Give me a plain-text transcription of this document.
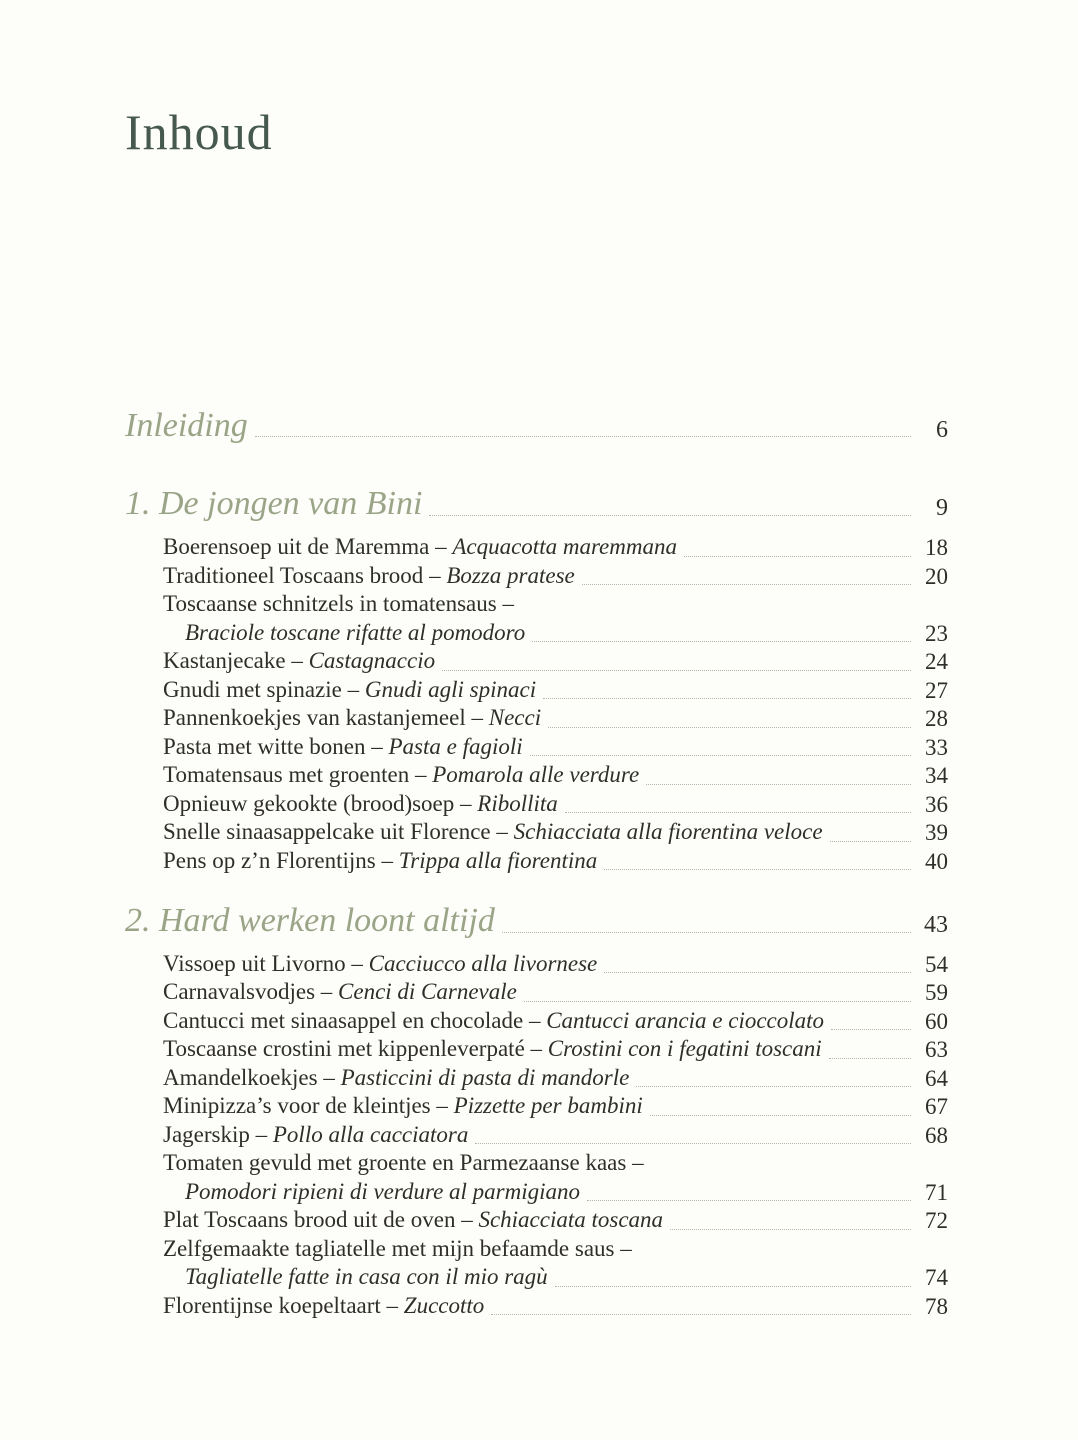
Inhoud
Inleiding	6
1. De jongen van Bini	9
Boerensoep uit de Maremma – Acquacotta maremmana	18
Traditioneel Toscaans brood – Bozza pratese	20
Toscaanse schnitzels in tomatensaus –
Braciole toscane rifatte al pomodoro	23
Kastanjecake – Castagnaccio	24
Gnudi met spinazie – Gnudi agli spinaci	27
Pannenkoekjes van kastanjemeel – Necci	28
Pasta met witte bonen – Pasta e fagioli	33
Tomatensaus met groenten – Pomarola alle verdure	34
Opnieuw gekookte (brood)soep – Ribollita	36
Snelle sinaasappelcake uit Florence – Schiacciata alla fiorentina veloce	39
Pens op z’n Florentijns – Trippa alla fiorentina	40
2. Hard werken loont altijd	43
Vissoep uit Livorno – Cacciucco alla livornese	54
Carnavalsvodjes – Cenci di Carnevale	59
Cantucci met sinaasappel en chocolade – Cantucci arancia e cioccolato	60
Toscaanse crostini met kippenleverpaté – Crostini con i fegatini toscani	63
Amandelkoekjes – Pasticcini di pasta di mandorle	64
Minipizza’s voor de kleintjes – Pizzette per bambini	67
Jagerskip – Pollo alla cacciatora	68
Tomaten gevuld met groente en Parmezaanse kaas –
Pomodori ripieni di verdure al parmigiano	71
Plat Toscaans brood uit de oven – Schiacciata toscana	72
Zelfgemaakte tagliatelle met mijn befaamde saus –
Tagliatelle fatte in casa con il mio ragù	74
Florentijnse koepeltaart – Zuccotto	78
